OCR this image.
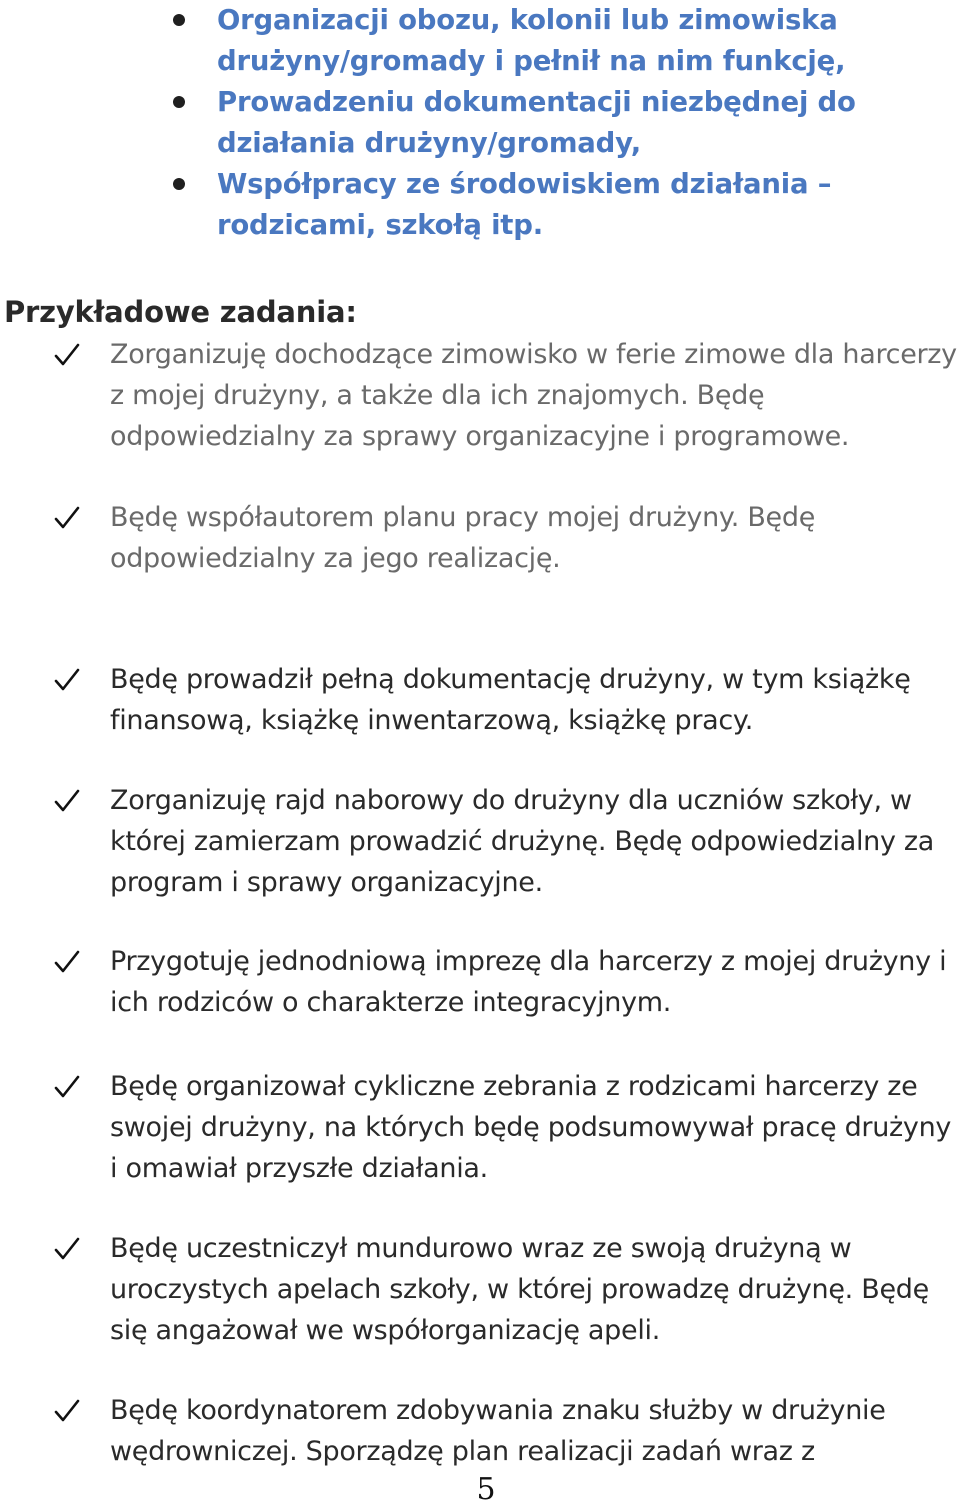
Organizacji obozu, kolonii lub zimowiska drużyny/gromady i pełnił na nim funkcję,
Prowadzeniu dokumentacji niezbędnej do działania drużyny/gromady,
Współpracy ze środowiskiem działania – rodzicami, szkołą itp.
Przykładowe zadania:
Zorganizuję dochodzące zimowisko w ferie zimowe dla harcerzy z mojej drużyny, a także dla ich znajomych. Będę odpowiedzialny za sprawy organizacyjne i programowe.
Będę współautorem planu pracy mojej drużyny. Będę odpowiedzialny za jego realizację.
Będę prowadził pełną dokumentację drużyny, w tym książkę finansową, książkę inwentarzową, książkę pracy.
Zorganizuję rajd naborowy do drużyny dla uczniów szkoły, w której zamierzam prowadzić drużynę. Będę odpowiedzialny za program i sprawy organizacyjne.
Przygotuję jednodniową imprezę dla harcerzy z mojej drużyny i ich rodziców o charakterze integracyjnym.
Będę organizował cykliczne zebrania z rodzicami harcerzy ze swojej drużyny, na których będę podsumowywał pracę drużyny i omawiał przyszłe działania.
Będę uczestniczył mundurowo wraz ze swoją drużyną w uroczystych apelach szkoły, w której prowadzę drużynę. Będę się angażował we współorganizację apeli.
Będę koordynatorem zdobywania znaku służby w drużynie wędrowniczej. Sporządzę plan realizacji zadań wraz z
5
